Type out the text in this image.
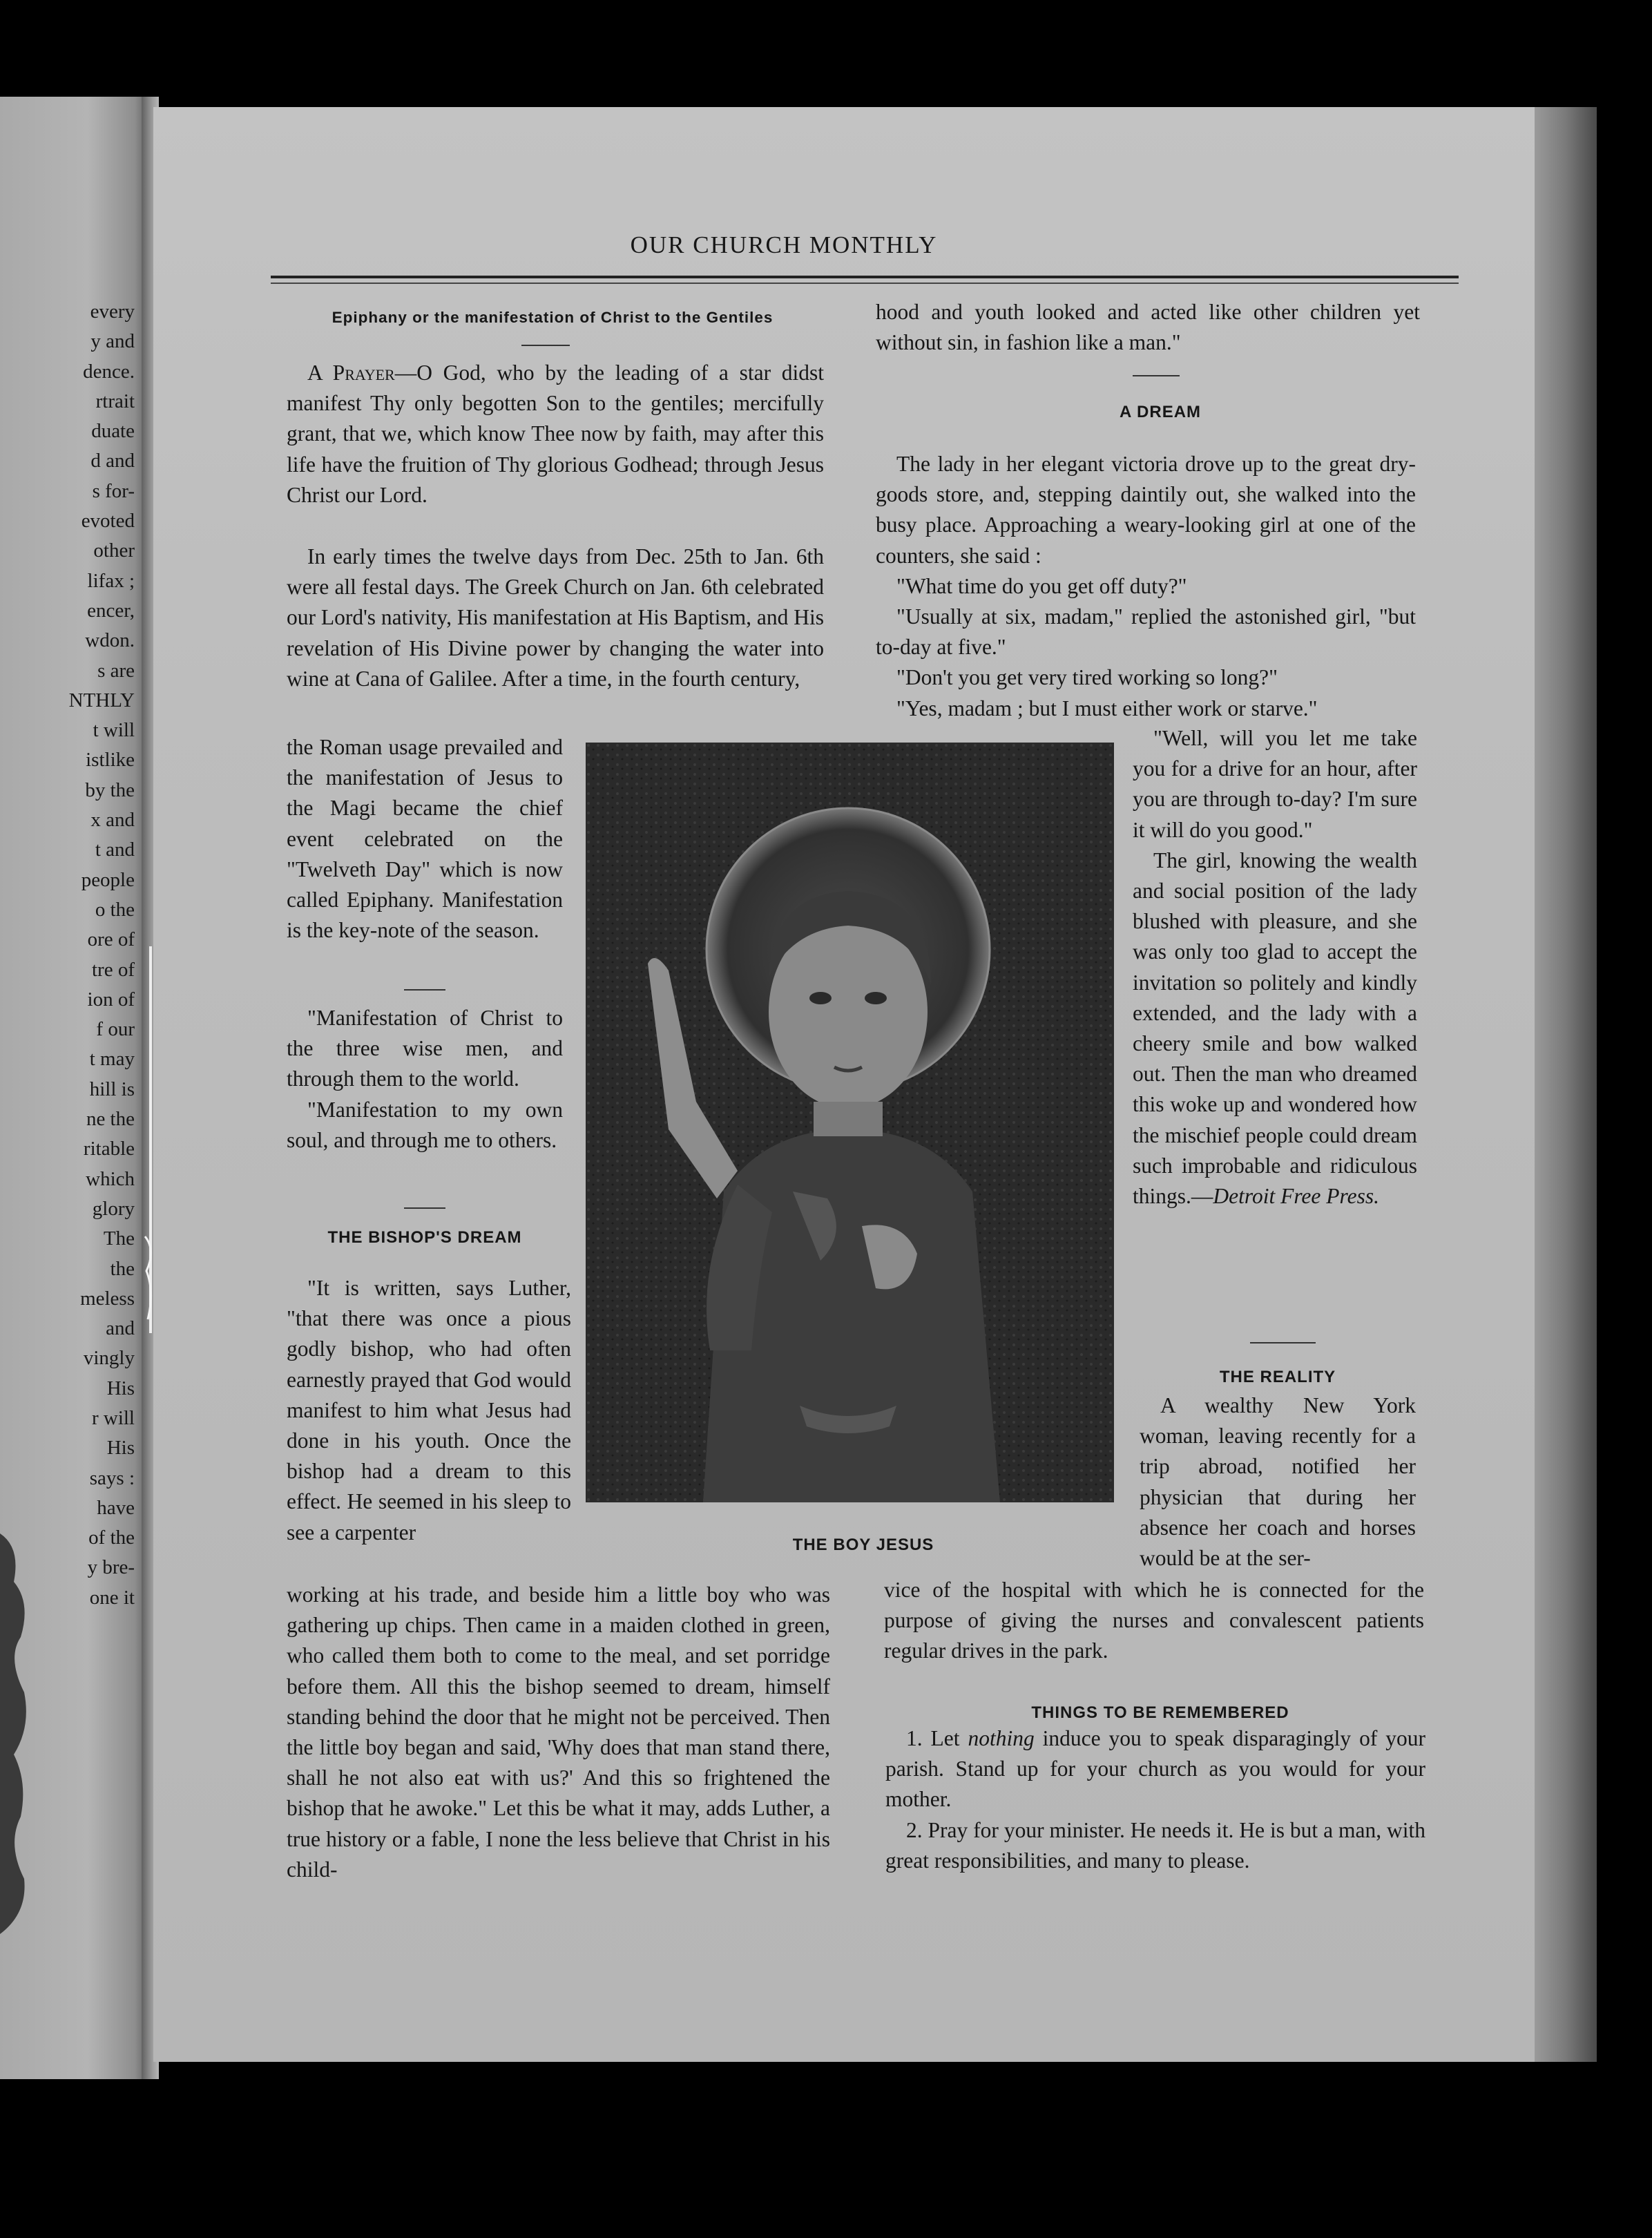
every
y and
dence.
rtrait
duate
d and
s for-
evoted
other
lifax ;
encer,
wdon.
s are
NTHLY
t will
istlike
by the
x and
t and
people
o the
ore of
tre of
ion of
f our
t may
hill is
ne the
ritable
which
glory
The
the
meless
and
vingly
His
r will
His
says :
have
of the
y bre-
one it
OUR CHURCH MONTHLY
Epiphany or the manifestation of Christ to the Gentiles

A Prayer—O God, who by the leading of a star didst manifest Thy only begotten Son to the gentiles; mercifully grant, that we, which know Thee now by faith, may after this life have the fruition of Thy glorious Godhead; through Jesus Christ our Lord.

In early times the twelve days from Dec. 25th to Jan. 6th were all festal days. The Greek Church on Jan. 6th celebrated our Lord's nativity, His manifestation at His Baptism, and His revelation of His Divine power by changing the water into wine at Cana of Galilee. After a time, in the fourth century,

the Roman usage prevailed and the manifestation of Jesus to the Magi became the chief event celebrated on the "Twelveth Day" which is now called Epiphany. Manifestation is the key-note of the season.

"Manifestation of Christ to the three wise men, and through them to the world.

"Manifestation to my own soul, and through me to others.

THE BISHOP'S DREAM

"It is written, says Luther, "that there was once a pious godly bishop, who had often earnestly prayed that God would manifest to him what Jesus had done in his youth. Once the bishop had a dream to this effect. He seemed in his sleep to see a carpenter

working at his trade, and beside him a little boy who was gathering up chips. Then came in a maiden clothed in green, who called them both to come to the meal, and set porridge before them. All this the bishop seemed to dream, himself standing behind the door that he might not be perceived. Then the little boy began and said, 'Why does that man stand there, shall he not also eat with us?' And this so frightened the bishop that he awoke." Let this be what it may, adds Luther, a true history or a fable, I none the less believe that Christ in his child-

THE BOY JESUS

hood and youth looked and acted like other children yet without sin, in fashion like a man."

A DREAM

The lady in her elegant victoria drove up to the great dry-goods store, and, stepping daintily out, she walked into the busy place. Approaching a weary-looking girl at one of the counters, she said :

"What time do you get off duty?"

"Usually at six, madam," replied the astonished girl, "but to-day at five."

"Don't you get very tired working so long?"

"Yes, madam ; but I must either work or starve."

"Well, will you let me take you for a drive for an hour, after you are through to-day? I'm sure it will do you good."

The girl, knowing the wealth and social position of the lady blushed with pleasure, and she was only too glad to accept the invitation so politely and kindly extended, and the lady with a cheery smile and bow walked out. Then the man who dreamed this woke up and wondered how the mischief people could dream such improbable and ridiculous things.—Detroit Free Press.

THE REALITY

A wealthy New York woman, leaving recently for a trip abroad, notified her physician that during her absence her coach and horses would be at the ser-

vice of the hospital with which he is connected for the purpose of giving the nurses and convalescent patients regular drives in the park.

THINGS TO BE REMEMBERED

1. Let nothing induce you to speak disparagingly of your parish. Stand up for your church as you would for your mother.

2. Pray for your minister. He needs it. He is but a man, with great responsibilities, and many to please.
